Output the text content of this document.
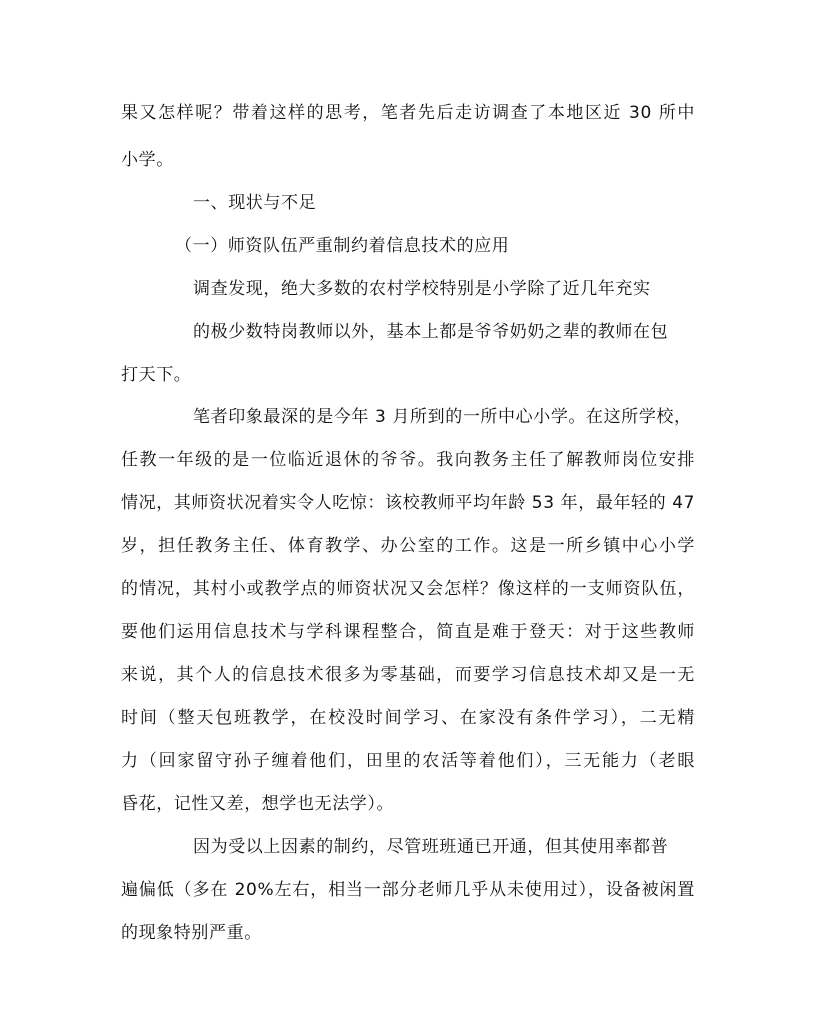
果又怎样呢？带着这样的思考，笔者先后走访调查了本地区近 30 所中
小学。
一、现状与不足
（一）师资队伍严重制约着信息技术的应用
调查发现，绝大多数的农村学校特别是小学除了近几年充实
的极少数特岗教师以外，基本上都是爷爷奶奶之辈的教师在包
打天下。
笔者印象最深的是今年 3 月所到的一所中心小学。在这所学校，
任教一年级的是一位临近退休的爷爷。我向教务主任了解教师岗位安排
情况，其师资状况着实令人吃惊：该校教师平均年龄 53 年，最年轻的 47
岁，担任教务主任、体育教学、办公室的工作。这是一所乡镇中心小学
的情况，其村小或教学点的师资状况又会怎样？像这样的一支师资队伍，
要他们运用信息技术与学科课程整合，简直是难于登天：对于这些教师
来说，其个人的信息技术很多为零基础，而要学习信息技术却又是一无
时间（整天包班教学，在校没时间学习、在家没有条件学习），二无精
力（回家留守孙子缠着他们，田里的农活等着他们），三无能力（老眼
昏花，记性又差，想学也无法学）。
因为受以上因素的制约，尽管班班通已开通，但其使用率都普
遍偏低（多在 20%左右，相当一部分老师几乎从未使用过），设备被闲置
的现象特别严重。
